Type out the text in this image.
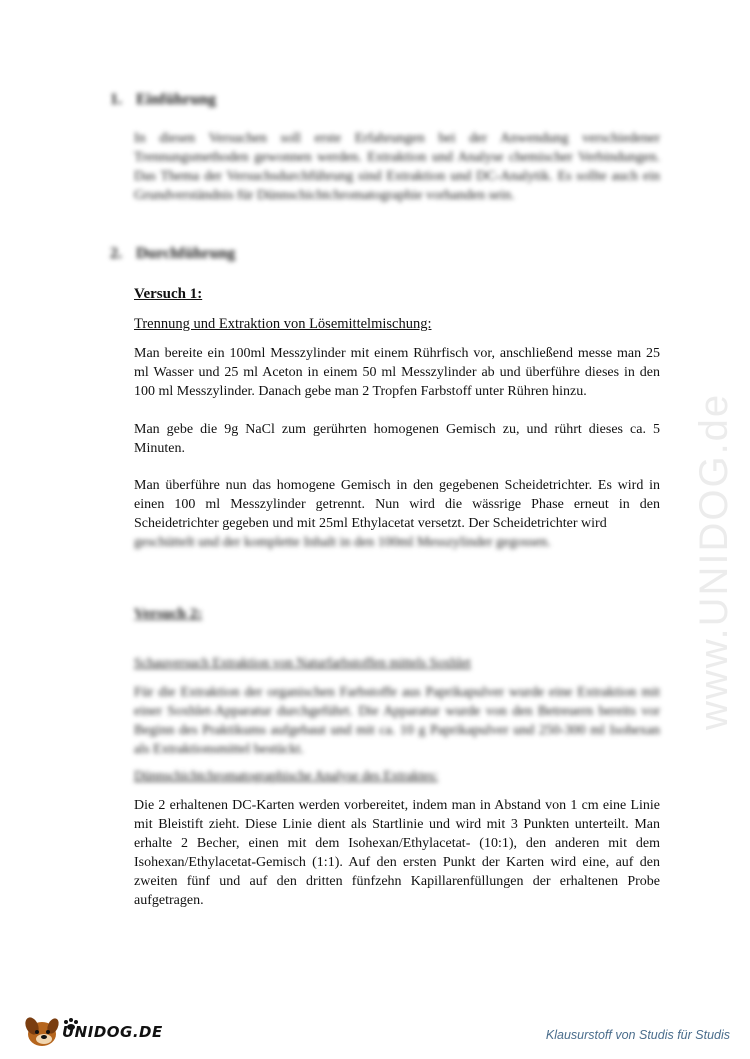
www.UNIDOG.de
1. Einführung
In diesen Versuchen soll erste Erfahrungen bei der Anwendung verschiedener Trennungsmethoden gewonnen werden. Extraktion und Analyse chemischer Verbindungen. Das Thema der Versuchsdurchführung sind Extraktion und DC-Analytik. Es sollte auch ein Grundverständnis für Dünnschichtchromatographie vorhanden sein.
2. Durchführung
Versuch 1:
Trennung und Extraktion von Lösemittelmischung:
Man bereite ein 100ml Messzylinder mit einem Rührfisch vor, anschließend messe man 25 ml Wasser und 25 ml Aceton in einem 50 ml Messzylinder ab und überführe dieses in den 100 ml Messzylinder. Danach gebe man 2 Tropfen Farbstoff unter Rühren hinzu.
Man gebe die 9g NaCl zum gerührten homogenen Gemisch zu, und rührt dieses ca. 5 Minuten.
Man überführe nun das homogene Gemisch in den gegebenen Scheidetrichter. Es wird in einen 100 ml Messzylinder getrennt. Nun wird die wässrige Phase erneut in den Scheidetrichter gegeben und mit 25ml Ethylacetat versetzt. Der Scheidetrichter wird
geschüttelt und der komplette Inhalt in den 100ml Messzylinder gegossen.
Versuch 2:
Schauversuch Extraktion von Naturfarbstoffen mittels Soxhlet
Für die Extraktion der organischen Farbstoffe aus Paprikapulver wurde eine Extraktion mit einer Soxhlet-Apparatur durchgeführt. Die Apparatur wurde von den Betreuern bereits vor Beginn des Praktikums aufgebaut und mit ca. 10 g Paprikapulver und 250-300 ml Isohexan als Extraktionsmittel bestückt.
Dünnschichtchromatographische Analyse des Extraktes:
Die 2 erhaltenen DC-Karten werden vorbereitet, indem man in Abstand von 1 cm eine Linie mit Bleistift zieht. Diese Linie dient als Startlinie und wird mit 3 Punkten unterteilt. Man erhalte 2 Becher, einen mit dem Isohexan/Ethylacetat- (10:1), den anderen mit dem Isohexan/Ethylacetat-Gemisch (1:1). Auf den ersten Punkt der Karten wird eine, auf den zweiten fünf und auf den dritten fünfzehn Kapillarenfüllungen der erhaltenen Probe aufgetragen.
UNIDOG.DE	Klausurstoff von Studis für Studis
